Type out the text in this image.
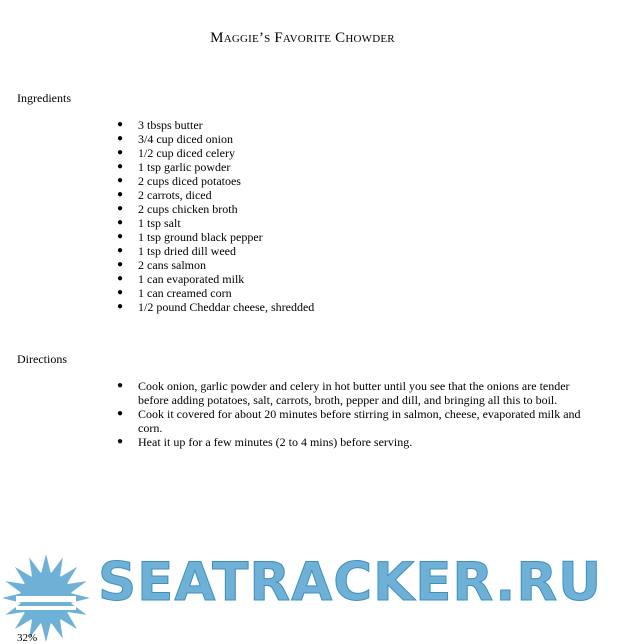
Maggie’s Favorite Chowder
Ingredients
● 3 tbsps butter
● 3/4 cup diced onion
● 1/2 cup diced celery
● 1 tsp garlic powder
● 2 cups diced potatoes
● 2 carrots, diced
● 2 cups chicken broth
● 1 tsp salt
● 1 tsp ground black pepper
● 1 tsp dried dill weed
● 2 cans salmon
● 1 can evaporated milk
● 1 can creamed corn
● 1/2 pound Cheddar cheese, shredded
Directions
● Cook onion, garlic powder and celery in hot butter until you see that the onions are tender before adding potatoes, salt, carrots, broth, pepper and dill, and bringing all this to boil.
● Cook it covered for about 20 minutes before stirring in salmon, cheese, evaporated milk and corn.
● Heat it up for a few minutes (2 to 4 mins) before serving.
SEATRACKER.RU
32%
